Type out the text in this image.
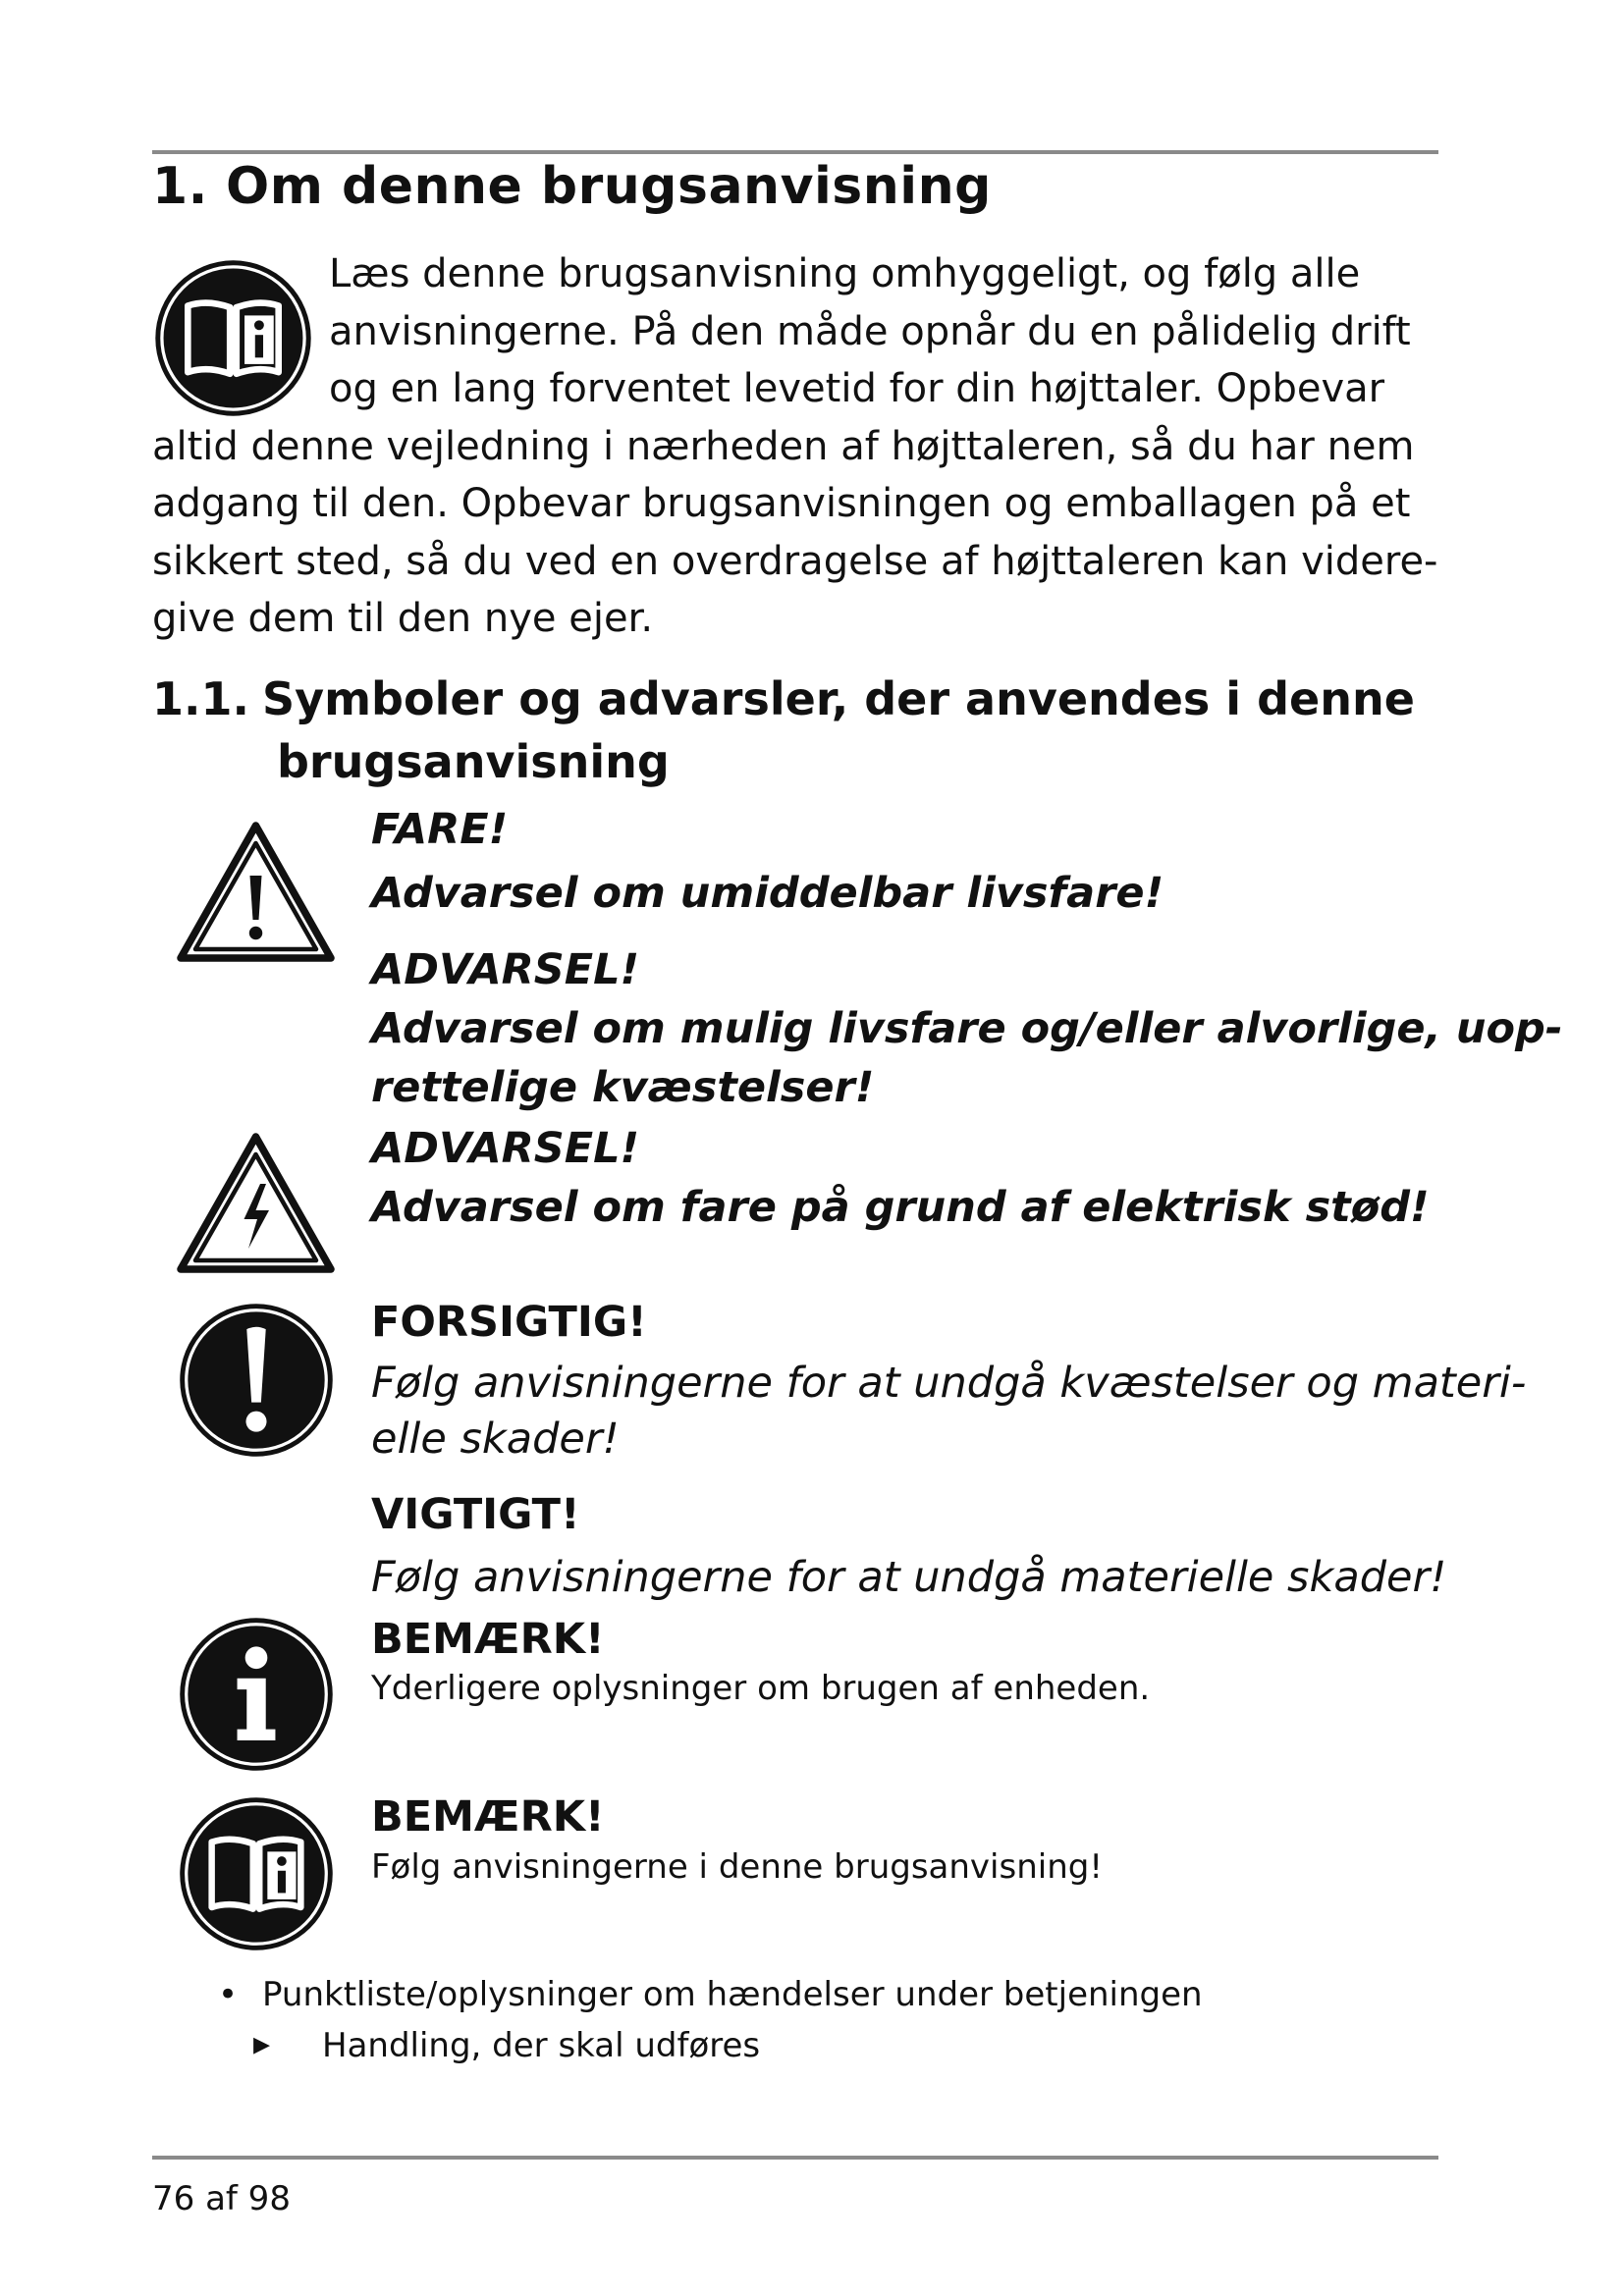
1. Om denne brugsanvisning
Læs denne brugsanvisning omhyggeligt, og følg alle
anvisningerne. På den måde opnår du en pålidelig drift
og en lang forventet levetid for din højttaler. Opbevar
altid denne vejledning i nærheden af højttaleren, så du har nem
adgang til den. Opbevar brugsanvisningen og emballagen på et
sikkert sted, så du ved en overdragelse af højttaleren kan videre-
give dem til den nye ejer.
1.1. Symboler og advarsler, der anvendes i denne
brugsanvisning
FARE!
Advarsel om umiddelbar livsfare!
ADVARSEL!
Advarsel om mulig livsfare og/eller alvorlige, uop-
rettelige kvæstelser!
ADVARSEL!
Advarsel om fare på grund af elektrisk stød!
FORSIGTIG!
Følg anvisningerne for at undgå kvæstelser og materi-
elle skader!
VIGTIGT!
Følg anvisningerne for at undgå materielle skader!
BEMÆRK!
Yderligere oplysninger om brugen af enheden.
BEMÆRK!
Følg anvisningerne i denne brugsanvisning!
• Punktliste/oplysninger om hændelser under betjeningen
▸ Handling, der skal udføres
76 af 98
